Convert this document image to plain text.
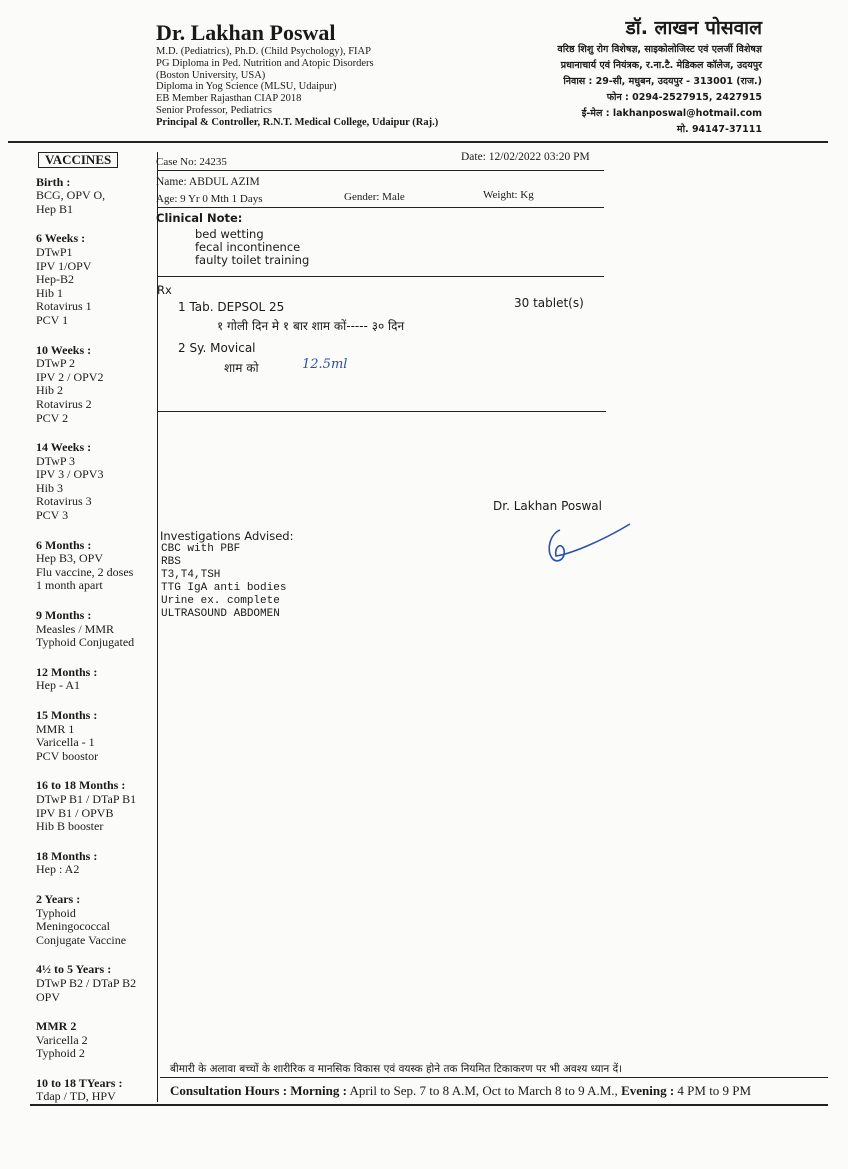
Dr. Lakhan Poswal
M.D. (Pediatrics), Ph.D. (Child Psychology), FIAP
PG Diploma in Ped. Nutrition and Atopic Disorders
(Boston University, USA)
Diploma in Yog Science (MLSU, Udaipur)
EB Member Rajasthan CIAP 2018
Senior Professor, Pediatrics
Principal & Controller, R.N.T. Medical College, Udaipur (Raj.)
डॉ. लाखन पोसवाल
वरिष्ठ शिशु रोग विशेषज्ञ, साइकोलोजिस्ट एवं एलर्जी विशेषज्ञ
प्रधानाचार्य एवं नियंत्रक, र.ना.टै. मेडिकल कॉलेज, उदयपुर
निवास : 29-सी, मधुबन, उदयपुर - 313001 (राज.)
फोन : 0294-2527915, 2427915
ई-मेल : lakhanposwal@hotmail.com
मो. 94147-37111
VACCINES
Birth :
BCG, OPV O,
Hep B1
6 Weeks :
DTwP1
IPV 1/OPV
Hep-B2
Hib 1
Rotavirus 1
PCV 1
10 Weeks :
DTwP 2
IPV 2 / OPV2
Hib 2
Rotavirus 2
PCV 2
14 Weeks :
DTwP 3
IPV 3 / OPV3
Hib 3
Rotavirus 3
PCV 3
6 Months :
Hep B3, OPV
Flu vaccine, 2 doses
1 month apart
9 Months :
Measles / MMR
Typhoid Conjugated
12 Months :
Hep - A1
15 Months :
MMR 1
Varicella - 1
PCV boostor
16 to 18 Months :
DTwP B1 / DTaP B1
IPV B1 / OPVB
Hib B booster
18 Months :
Hep : A2
2 Years :
Typhoid
Meningococcal
Conjugate Vaccine
4½ to 5 Years :
DTwP B2 / DTaP B2
OPV
MMR 2
Varicella 2
Typhoid 2
10 to 18 TYears :
Tdap / TD, HPV
Case No: 24235	Date: 12/02/2022 03:20 PM
Name: ABDUL AZIM
Age: 9 Yr 0 Mth 1 Days	Gender: Male	Weight: Kg
Clinical Note:
bed wetting
fecal incontinence
faulty toilet training
Rx
1 Tab. DEPSOL 25	30 tablet(s)
१ गोली दिन मे १ बार शाम कों----- ३० दिन
2 Sy. Movical
शाम को	12.5ml
Dr. Lakhan Poswal
Investigations Advised:
CBC with PBF
RBS
T3,T4,TSH
TTG IgA anti bodies
Urine ex. complete
ULTRASOUND ABDOMEN
बीमारी के अलावा बच्चों के शारीरिक व मानसिक विकास एवं वयस्क होने तक नियमित टिकाकरण पर भी अवश्य ध्यान दें।
Consultation Hours : Morning : April to Sep. 7 to 8 A.M, Oct to March 8 to 9 A.M., Evening : 4 PM to 9 PM
